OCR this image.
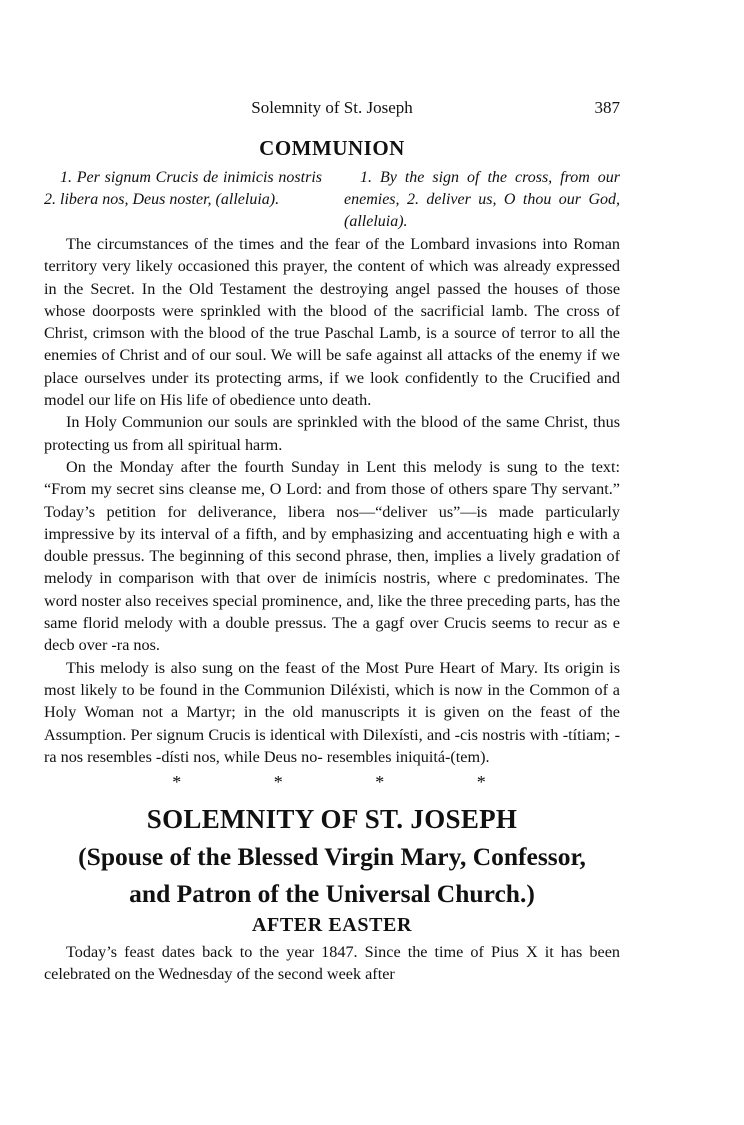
Solemnity of St. Joseph	387
COMMUNION

1. Per signum Crucis de inimicis nostris 2. libera nos, Deus noster, (alleluia).

1. By the sign of the cross, from our enemies, 2. deliver us, O thou our God, (alleluia).

The circumstances of the times and the fear of the Lombard invasions into Roman territory very likely occasioned this prayer, the content of which was already expressed in the Secret. In the Old Testament the destroying angel passed the houses of those whose doorposts were sprinkled with the blood of the sacrificial lamb. The cross of Christ, crimson with the blood of the true Paschal Lamb, is a source of terror to all the enemies of Christ and of our soul. We will be safe against all attacks of the enemy if we place ourselves under its protecting arms, if we look confidently to the Crucified and model our life on His life of obedience unto death.

In Holy Communion our souls are sprinkled with the blood of the same Christ, thus protecting us from all spiritual harm.

On the Monday after the fourth Sunday in Lent this melody is sung to the text: “From my secret sins cleanse me, O Lord: and from those of others spare Thy servant.” Today’s petition for deliverance, libera nos—“deliver us”—is made particularly impressive by its interval of a fifth, and by emphasizing and accentuating high e with a double pressus. The beginning of this second phrase, then, implies a lively gradation of melody in comparison with that over de inimícis nostris, where c predominates. The word noster also receives special prominence, and, like the three preceding parts, has the same florid melody with a double pressus. The a gagf over Crucis seems to recur as e decb over -ra nos.

This melody is also sung on the feast of the Most Pure Heart of Mary. Its origin is most likely to be found in the Communion Diléxisti, which is now in the Common of a Holy Woman not a Martyr; in the old manuscripts it is given on the feast of the Assumption. Per signum Crucis is identical with Dilexísti, and -cis nostris with -títiam; -ra nos resembles -dísti nos, while Deus no- resembles iniquitá-(tem).

* * * *
SOLEMNITY OF ST. JOSEPH
(Spouse of the Blessed Virgin Mary, Confessor,
and Patron of the Universal Church.)
AFTER EASTER

Today’s feast dates back to the year 1847. Since the time of Pius X it has been celebrated on the Wednesday of the second week after
